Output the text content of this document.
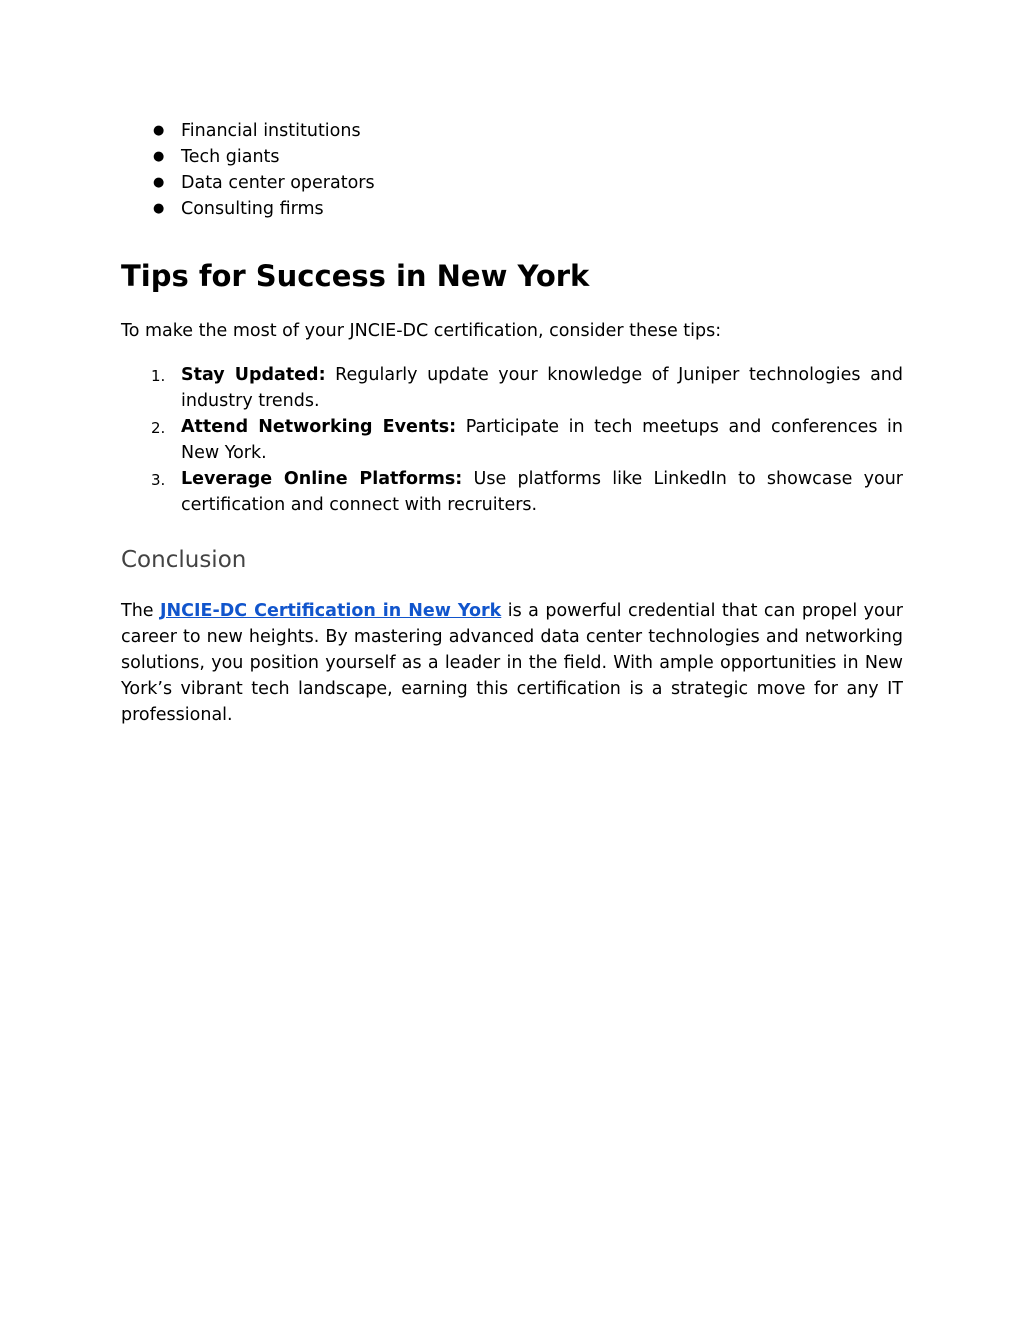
● Financial institutions
● Tech giants
● Data center operators
● Consulting firms
Tips for Success in New York

To make the most of your JNCIE-DC certification, consider these tips:

1. Stay Updated: Regularly update your knowledge of Juniper technologies and industry trends.
2. Attend Networking Events: Participate in tech meetups and conferences in New York.
3. Leverage Online Platforms: Use platforms like LinkedIn to showcase your certification and connect with recruiters.
Conclusion

The JNCIE-DC Certification in New York is a powerful credential that can propel your career to new heights. By mastering advanced data center technologies and networking solutions, you position yourself as a leader in the field. With ample opportunities in New York’s vibrant tech landscape, earning this certification is a strategic move for any IT professional.
